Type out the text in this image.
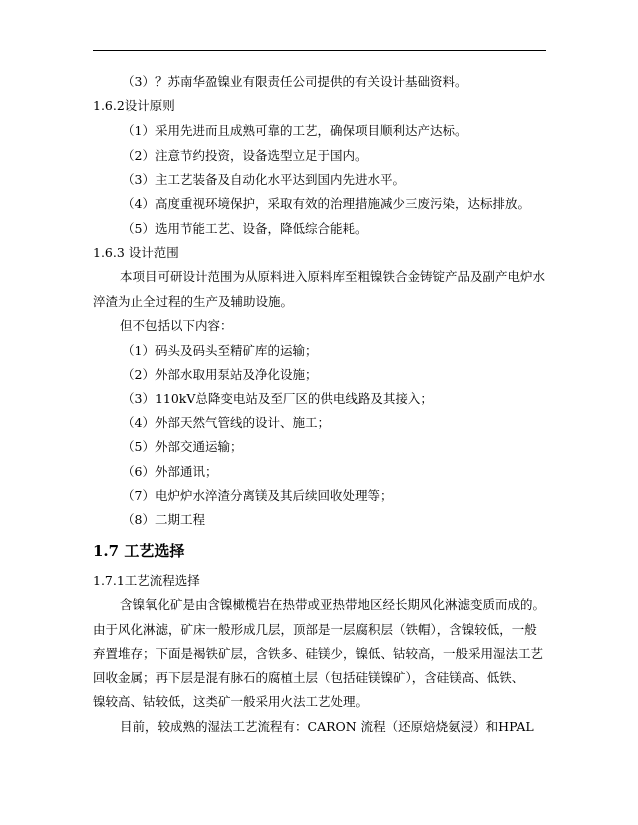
（3）？苏南华盈镍业有限责任公司提供的有关设计基础资料。
1.6.2设计原则
（1）采用先进而且成熟可靠的工艺，确保项目顺利达产达标。
（2）注意节约投资，设备选型立足于国内。
（3）主工艺装备及自动化水平达到国内先进水平。
（4）高度重视环境保护，采取有效的治理措施减少三废污染，达标排放。
（5）选用节能工艺、设备，降低综合能耗。
1.6.3 设计范围
本项目可研设计范围为从原料进入原料库至粗镍铁合金铸锭产品及副产电炉水
淬渣为止全过程的生产及辅助设施。
但不包括以下内容：
（1）码头及码头至精矿库的运输；
（2）外部水取用泵站及净化设施；
（3）110kV总降变电站及至厂区的供电线路及其接入；
（4）外部天然气管线的设计、施工；
（5）外部交通运输；
（6）外部通讯；
（7）电炉炉水淬渣分离镁及其后续回收处理等；
（8）二期工程
1.7 工艺选择
1.7.1工艺流程选择
含镍氧化矿是由含镍橄榄岩在热带或亚热带地区经长期风化淋滤变质而成的。
由于风化淋滤，矿床一般形成几层，顶部是一层腐积层（铁帽），含镍较低，一般
弃置堆存；下面是褐铁矿层，含铁多、硅镁少，镍低、钴较高，一般采用湿法工艺
回收金属；再下层是混有脉石的腐植土层（包括硅镁镍矿），含硅镁高、低铁、
镍较高、钴较低，这类矿一般采用火法工艺处理。
目前，较成熟的湿法工艺流程有：CARON 流程（还原焙烧氨浸）和HPAL
